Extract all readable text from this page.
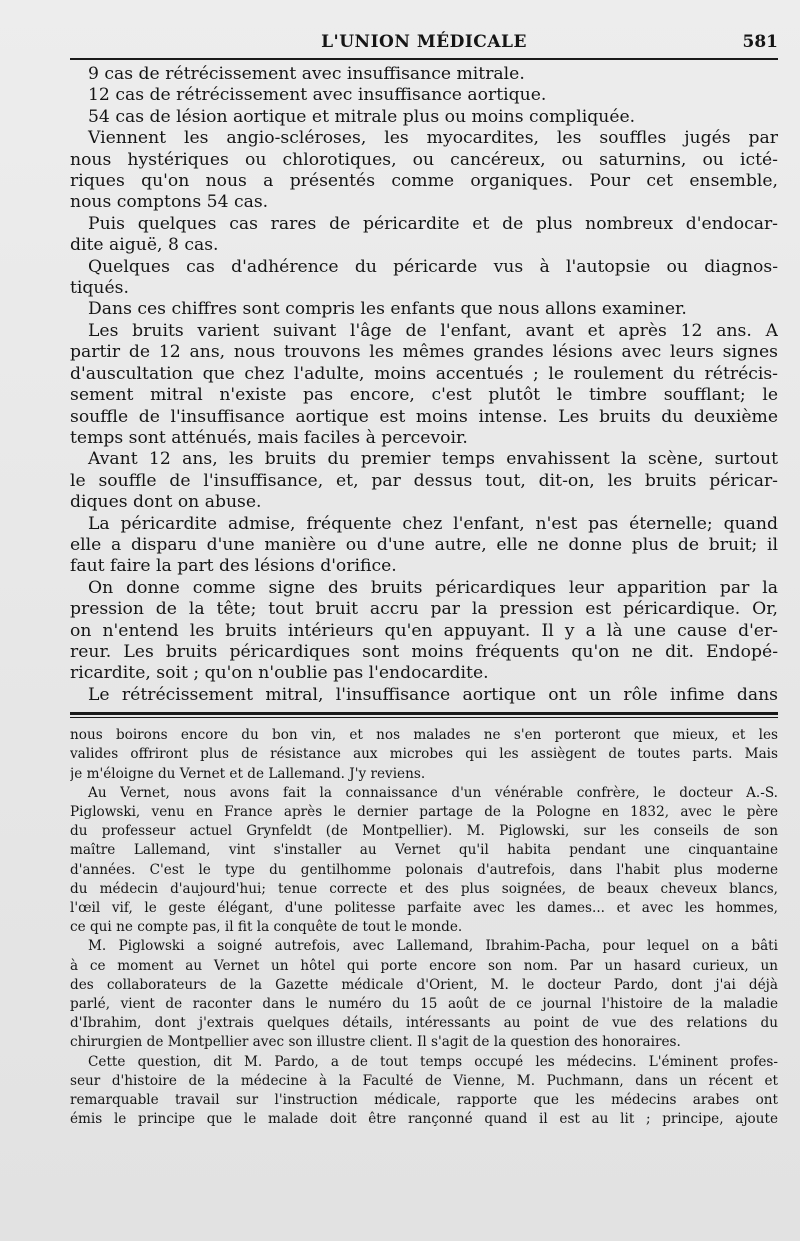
L'UNION MÉDICALE	581
9 cas de rétrécissement avec insuffisance mitrale.
12 cas de rétrécissement avec insuffisance aortique.
54 cas de lésion aortique et mitrale plus ou moins compliquée.
Viennent les angio-scléroses, les myocardites, les souffles jugés par
nous hystériques ou chlorotiques, ou cancéreux, ou saturnins, ou icté-
riques qu'on nous a présentés comme organiques. Pour cet ensemble,
nous comptons 54 cas.
Puis quelques cas rares de péricardite et de plus nombreux d'endocar-
dite aiguë, 8 cas.
Quelques cas d'adhérence du péricarde vus à l'autopsie ou diagnos-
tiqués.
Dans ces chiffres sont compris les enfants que nous allons examiner.
Les bruits varient suivant l'âge de l'enfant, avant et après 12 ans. A
partir de 12 ans, nous trouvons les mêmes grandes lésions avec leurs signes
d'auscultation que chez l'adulte, moins accentués ; le roulement du rétrécis-
sement mitral n'existe pas encore, c'est plutôt le timbre soufflant; le
souffle de l'insuffisance aortique est moins intense. Les bruits du deuxième
temps sont atténués, mais faciles à percevoir.
Avant 12 ans, les bruits du premier temps envahissent la scène, surtout
le souffle de l'insuffisance, et, par dessus tout, dit-on, les bruits péricar-
diques dont on abuse.
La péricardite admise, fréquente chez l'enfant, n'est pas éternelle; quand
elle a disparu d'une manière ou d'une autre, elle ne donne plus de bruit; il
faut faire la part des lésions d'orifice.
On donne comme signe des bruits péricardiques leur apparition par la
pression de la tête; tout bruit accru par la pression est péricardique. Or,
on n'entend les bruits intérieurs qu'en appuyant. Il y a là une cause d'er-
reur. Les bruits péricardiques sont moins fréquents qu'on ne dit. Endopé-
ricardite, soit ; qu'on n'oublie pas l'endocardite.
Le rétrécissement mitral, l'insuffisance aortique ont un rôle infime dans
nous boirons encore du bon vin, et nos malades ne s'en porteront que mieux, et les
valides offriront plus de résistance aux microbes qui les assiègent de toutes parts. Mais
je m'éloigne du Vernet et de Lallemand. J'y reviens.
Au Vernet, nous avons fait la connaissance d'un vénérable confrère, le docteur A.-S.
Piglowski, venu en France après le dernier partage de la Pologne en 1832, avec le père
du professeur actuel Grynfeldt (de Montpellier). M. Piglowski, sur les conseils de son
maître Lallemand, vint s'installer au Vernet qu'il habita pendant une cinquantaine
d'années. C'est le type du gentilhomme polonais d'autrefois, dans l'habit plus moderne
du médecin d'aujourd'hui; tenue correcte et des plus soignées, de beaux cheveux blancs,
l'œil vif, le geste élégant, d'une politesse parfaite avec les dames... et avec les hommes,
ce qui ne compte pas, il fit la conquête de tout le monde.
M. Piglowski a soigné autrefois, avec Lallemand, Ibrahim-Pacha, pour lequel on a bâti
à ce moment au Vernet un hôtel qui porte encore son nom. Par un hasard curieux, un
des collaborateurs de la Gazette médicale d'Orient, M. le docteur Pardo, dont j'ai déjà
parlé, vient de raconter dans le numéro du 15 août de ce journal l'histoire de la maladie
d'Ibrahim, dont j'extrais quelques détails, intéressants au point de vue des relations du
chirurgien de Montpellier avec son illustre client. Il s'agit de la question des honoraires.
Cette question, dit M. Pardo, a de tout temps occupé les médecins. L'éminent profes-
seur d'histoire de la médecine à la Faculté de Vienne, M. Puchmann, dans un récent et
remarquable travail sur l'instruction médicale, rapporte que les médecins arabes ont
émis le principe que le malade doit être rançonné quand il est au lit ; principe, ajoute
